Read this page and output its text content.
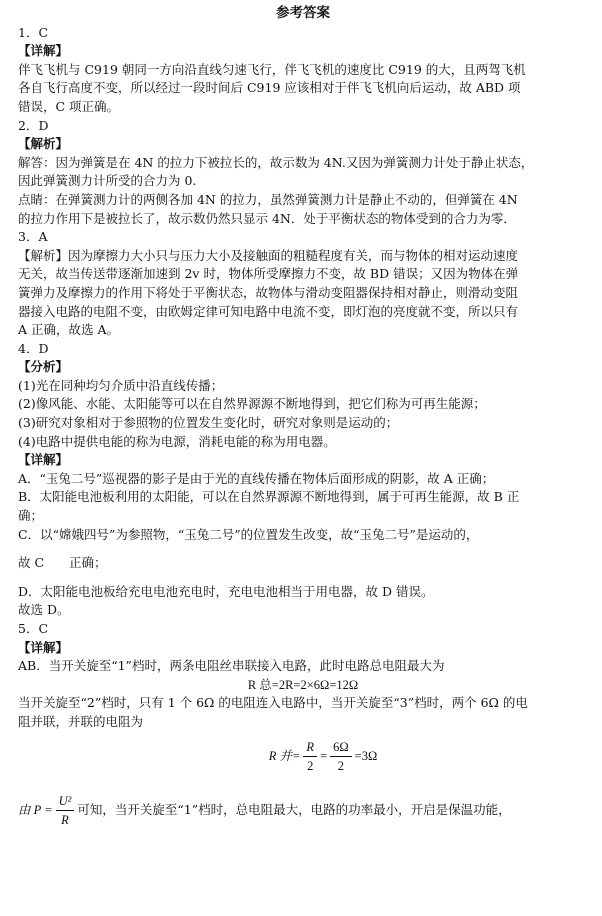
参考答案
1．C
【详解】
伴飞飞机与 C919 朝同一方向沿直线匀速飞行，伴飞飞机的速度比 C919 的大，且两驾飞机
各自飞行高度不变，所以经过一段时间后 C919 应该相对于伴飞飞机向后运动，故 ABD 项
错误，C 项正确。
2．D
【解析】
解答：因为弹簧是在 4N 的拉力下被拉长的，故示数为 4N.又因为弹簧测力计处于静止状态，
因此弹簧测力计所受的合力为 0.
点睛：在弹簧测力计的两侧各加 4N 的拉力，虽然弹簧测力计是静止不动的，但弹簧在 4N
的拉力作用下是被拉长了，故示数仍然只显示 4N．处于平衡状态的物体受到的合力为零．
3．A
【解析】因为摩擦力大小只与压力大小及接触面的粗糙程度有关，而与物体的相对运动速度
无关，故当传送带逐渐加速到 2v 时，物体所受摩擦力不变，故 BD 错误；又因为物体在弹
簧弹力及摩擦力的作用下将处于平衡状态，故物体与滑动变阻器保持相对静止，则滑动变阻
器接入电路的电阻不变，由欧姆定律可知电路中电流不变，即灯泡的亮度就不变，所以只有
A 正确，故选 A。
4．D
【分析】
(1)光在同种均匀介质中沿直线传播；
(2)像风能、水能、太阳能等可以在自然界源源不断地得到，把它们称为可再生能源；
(3)研究对象相对于参照物的位置发生变化时，研究对象则是运动的；
(4)电路中提供电能的称为电源，消耗电能的称为用电器。
【详解】
A．“玉兔二号”巡视器的影子是由于光的直线传播在物体后面形成的阴影，故 A 正确；
B．太阳能电池板利用的太阳能，可以在自然界源源不断地得到，属于可再生能源，故 B 正
确；
C．以“嫦娥四号”为参照物，“玉兔二号”的位置发生改变，故“玉兔二号”是运动的，
故 C　　正确；
D．太阳能电池板给充电电池充电时，充电电池相当于用电器，故 D 错误。
故选 D。
5．C
【详解】
AB．当开关旋至“1”档时，两条电阻丝串联接入电路，此时电路总电阻最大为
R 总=2R=2×6Ω=12Ω
当开关旋至“2”档时，只有 1 个 6Ω 的电阻连入电路中，当开关旋至“3”档时，两个 6Ω 的电
阻并联，并联的电阻为
R 并= $\frac{R}{2} = \frac{6\Omega}{2} =3\Omega$
由 $P = \frac{\text{U²}}{R}$ 可知，当开关旋至“1”档时，总电阻最大，电路的功率最小，开启是保温功能，
